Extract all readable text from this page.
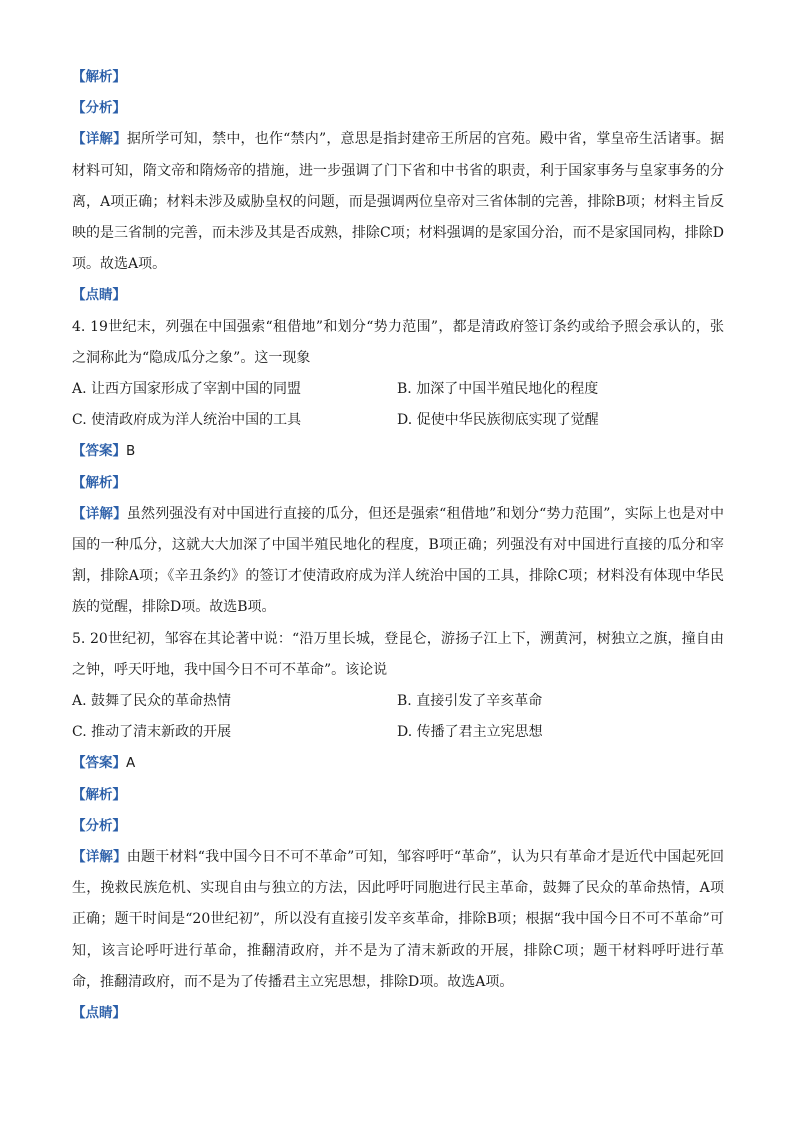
【解析】
【分析】
【详解】据所学可知，禁中，也作“禁内”，意思是指封建帝王所居的宫苑。殿中省，掌皇帝生活诸事。据材料可知，隋文帝和隋炀帝的措施，进一步强调了门下省和中书省的职责，利于国家事务与皇家事务的分离，A项正确；材料未涉及威胁皇权的问题，而是强调两位皇帝对三省体制的完善，排除B项；材料主旨反映的是三省制的完善，而未涉及其是否成熟，排除C项；材料强调的是家国分治，而不是家国同构，排除D项。故选A项。
【点睛】
4. 19世纪末，列强在中国强索“租借地”和划分“势力范围”，都是清政府签订条约或给予照会承认的，张之洞称此为“隐成瓜分之象”。这一现象
A. 让西方国家形成了宰割中国的同盟	B. 加深了中国半殖民地化的程度
C. 使清政府成为洋人统治中国的工具	D. 促使中华民族彻底实现了觉醒
【答案】B
【解析】
【详解】虽然列强没有对中国进行直接的瓜分，但还是强索“租借地”和划分“势力范围”，实际上也是对中国的一种瓜分，这就大大加深了中国半殖民地化的程度，B项正确；列强没有对中国进行直接的瓜分和宰割，排除A项；《辛丑条约》的签订才使清政府成为洋人统治中国的工具，排除C项；材料没有体现中华民族的觉醒，排除D项。故选B项。
5. 20世纪初，邹容在其论著中说：“沿万里长城，登昆仑，游扬子江上下，溯黄河，树独立之旗，撞自由之钟，呼天吁地，我中国今日不可不革命”。该论说
A. 鼓舞了民众的革命热情	B. 直接引发了辛亥革命
C. 推动了清末新政的开展	D. 传播了君主立宪思想
【答案】A
【解析】
【分析】
【详解】由题干材料“我中国今日不可不革命”可知，邹容呼吁“革命”，认为只有革命才是近代中国起死回生，挽救民族危机、实现自由与独立的方法，因此呼吁同胞进行民主革命，鼓舞了民众的革命热情，A项正确；题干时间是“20世纪初”，所以没有直接引发辛亥革命，排除B项；根据“我中国今日不可不革命”可知，该言论呼吁进行革命，推翻清政府，并不是为了清末新政的开展，排除C项；题干材料呼吁进行革命，推翻清政府，而不是为了传播君主立宪思想，排除D项。故选A项。
【点睛】
